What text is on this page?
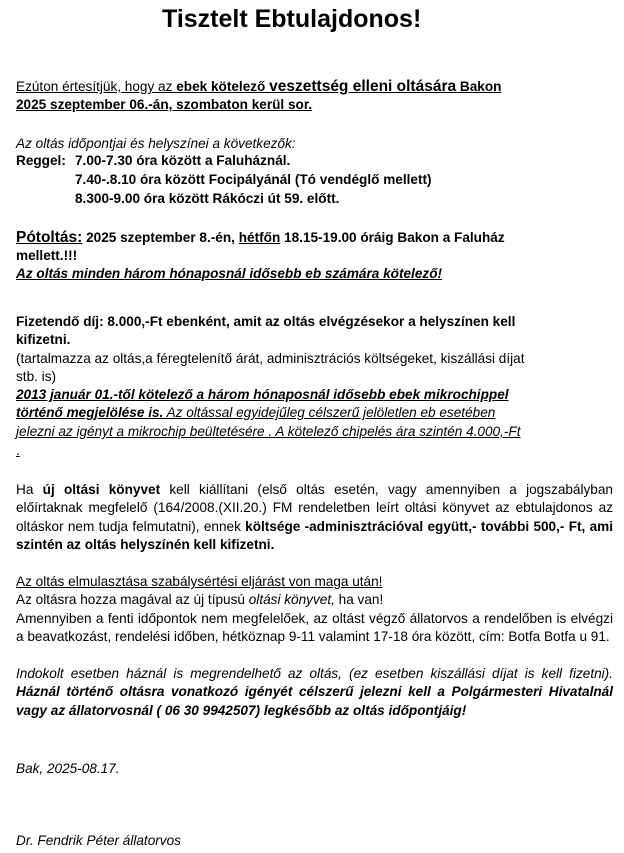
Tisztelt Ebtulajdonos!
Ezúton értesítjük, hogy az ebek kötelező veszettség elleni oltására Bakon
2025 szeptember 06.-án, szombaton kerül sor.
Az oltás időpontjai és helyszínei a következők:
Reggel: 7.00-7.30 óra között a Faluháznál.
7.40-.8.10 óra között Focipályánál (Tó vendéglő mellett)
8.300-9.00 óra között Rákóczi út 59. előtt.
Pótoltás: 2025 szeptember 8.-én, hétfőn 18.15-19.00 óráig Bakon a Faluház
mellett.!!!
Az oltás minden három hónaposnál idősebb eb számára kötelező!
Fizetendő díj: 8.000,-Ft ebenként, amit az oltás elvégzésekor a helyszínen kell
kifizetni.
(tartalmazza az oltás,a féregtelenítő árát, adminisztrációs költségeket, kiszállási díjat
stb. is)
2013 január 01.-től kötelező a három hónaposnál idősebb ebek mikrochippel
történő megjelölése is. Az oltással egyidejűleg célszerű jelöletlen eb esetében
jelezni az igényt a mikrochip beültetésére . A kötelező chipelés ára szintén 4.000,-Ft
.
Ha új oltási könyvet kell kiállítani (első oltás esetén, vagy amennyiben a jogszabályban előírtaknak megfelelő (164/2008.(XII.20.) FM rendeletben leírt oltási könyvet az ebtulajdonos az oltáskor nem tudja felmutatni), ennek költsége -adminisztrációval együtt,- további 500,- Ft, ami szintén az oltás helyszínén kell kifizetni.
Az oltás elmulasztása szabálysértési eljárást von maga után!
Az oltásra hozza magával az új típusú oltási könyvet, ha van!
Amennyiben a fenti időpontok nem megfelelőek, az oltást végző állatorvos a rendelőben is elvégzi a beavatkozást, rendelési időben, hétköznap 9-11 valamint 17-18 óra között, cím: Botfa Botfa u 91.
Indokolt esetben háznál is megrendelhető az oltás, (ez esetben kiszállási díjat is kell fizetni). Háznál történő oltásra vonatkozó igényét célszerű jelezni kell a Polgármesteri Hivatalnál vagy az állatorvosnál ( 06 30 9942507) legkésőbb az oltás időpontjáig!
Bak, 2025-08.17.
Dr. Fendrik Péter állatorvos
